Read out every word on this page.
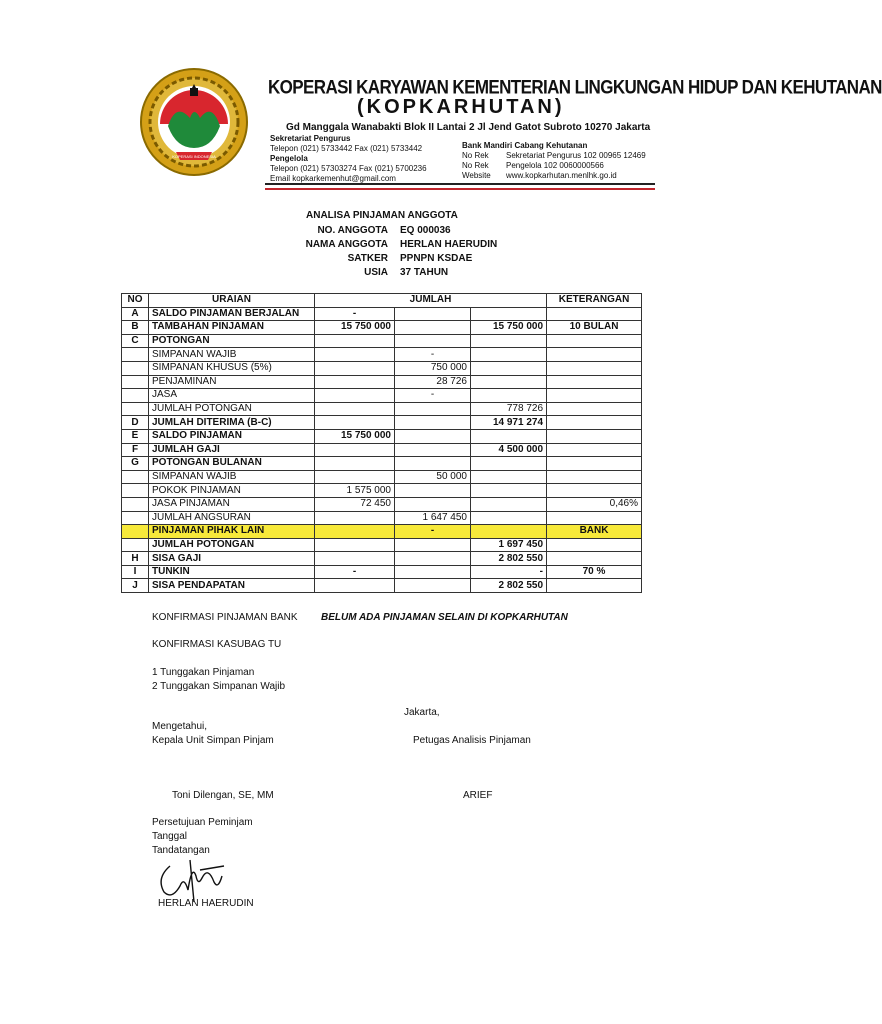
KOPERASI INDONESIA
KOPERASI KARYAWAN KEMENTERIAN LINGKUNGAN HIDUP DAN KEHUTANAN
(KOPKARHUTAN)
Gd Manggala Wanabakti Blok II Lantai 2 Jl Jend Gatot Subroto 10270 Jakarta
Sekretariat Pengurus
Telepon (021) 5733442 Fax (021) 5733442
Pengelola
Telepon (021) 57303274 Fax (021) 5700236
Email kopkarkemenhut@gmail.com
Bank Mandiri Cabang Kehutanan
No Rek	Sekretariat Pengurus 102 00965 12469
No Rek	Pengelola 102 0060000566
Website	www.kopkarhutan.menlhk.go.id
ANALISA PINJAMAN ANGGOTA
NO. ANGGOTA EQ 000036
NAMA ANGGOTA HERLAN HAERUDIN
SATKER PPNPN KSDAE
USIA 37 TAHUN
NO	URAIAN	JUMLAH			KETERANGAN
A	SALDO PINJAMAN BERJALAN	-			
B	TAMBAHAN PINJAMAN	15 750 000		15 750 000	10 BULAN
C	POTONGAN				
	SIMPANAN WAJIB		-		
	SIMPANAN KHUSUS (5%)		750 000		
	PENJAMINAN		28 726		
	JASA		-		
	JUMLAH POTONGAN			778 726	
D	JUMLAH DITERIMA (B-C)			14 971 274	
E	SALDO PINJAMAN	15 750 000			
F	JUMLAH GAJI			4 500 000	
G	POTONGAN BULANAN				
	SIMPANAN WAJIB		50 000		
	POKOK PINJAMAN	1 575 000			
	JASA PINJAMAN	72 450			0,46%
	JUMLAH ANGSURAN		1 647 450		
	PINJAMAN PIHAK LAIN		-		BANK
	JUMLAH POTONGAN			1 697 450	
H	SISA GAJI			2 802 550	
I	TUNKIN	-		-	70 %
J	SISA PENDAPATAN			2 802 550	
KONFIRMASI PINJAMAN BANK BELUM ADA PINJAMAN SELAIN DI KOPKARHUTAN
KONFIRMASI KASUBAG TU
1 Tunggakan Pinjaman
2 Tunggakan Simpanan Wajib
Jakarta,
Mengetahui,
Kepala Unit Simpan Pinjam	Petugas Analisis Pinjaman
Toni Dilengan, SE, MM	ARIEF
Persetujuan Peminjam
Tanggal
Tandatangan
HERLAN HAERUDIN
